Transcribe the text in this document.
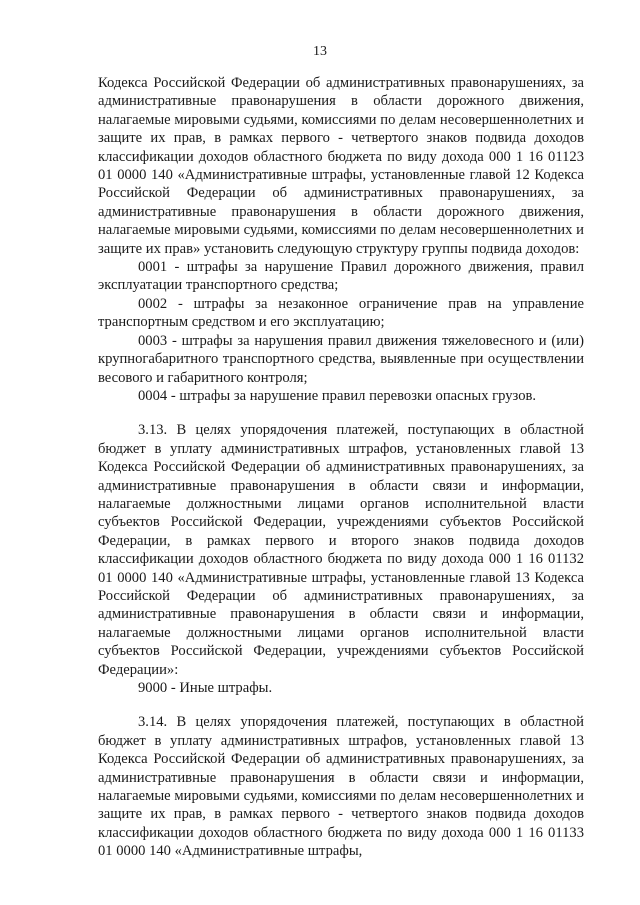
13

Кодекса Российской Федерации об административных правонарушениях, за административные правонарушения в области дорожного движения, налагаемые мировыми судьями, комиссиями по делам несовершеннолетних и защите их прав, в рамках первого - четвертого знаков подвида доходов классификации доходов областного бюджета по виду дохода 000 1 16 01123 01 0000 140 «Административные штрафы, установленные главой 12 Кодекса Российской Федерации об административных правонарушениях, за административные правонарушения в области дорожного движения, налагаемые мировыми судьями, комиссиями по делам несовершеннолетних и защите их прав» установить следующую структуру группы подвида доходов:

0001 - штрафы за нарушение Правил дорожного движения, правил эксплуатации транспортного средства;

0002 - штрафы за незаконное ограничение прав на управление транспортным средством и его эксплуатацию;

0003 - штрафы за нарушения правил движения тяжеловесного и (или) крупногабаритного транспортного средства, выявленные при осуществлении весового и габаритного контроля;

0004 - штрафы за нарушение правил перевозки опасных грузов.

3.13. В целях упорядочения платежей, поступающих в областной бюджет в уплату административных штрафов, установленных главой 13 Кодекса Российской Федерации об административных правонарушениях, за административные правонарушения в области связи и информации, налагаемые должностными лицами органов исполнительной власти субъектов Российской Федерации, учреждениями субъектов Российской Федерации, в рамках первого и второго знаков подвида доходов классификации доходов областного бюджета по виду дохода 000 1 16 01132 01 0000 140 «Административные штрафы, установленные главой 13 Кодекса Российской Федерации об административных правонарушениях, за административные правонарушения в области связи и информации, налагаемые должностными лицами органов исполнительной власти субъектов Российской Федерации, учреждениями субъектов Российской Федерации»:

9000 - Иные штрафы.

3.14. В целях упорядочения платежей, поступающих в областной бюджет в уплату административных штрафов, установленных главой 13 Кодекса Российской Федерации об административных правонарушениях, за административные правонарушения в области связи и информации, налагаемые мировыми судьями, комиссиями по делам несовершеннолетних и защите их прав, в рамках первого - четвертого знаков подвида доходов классификации доходов областного бюджета по виду дохода 000 1 16 01133 01 0000 140 «Административные штрафы,
